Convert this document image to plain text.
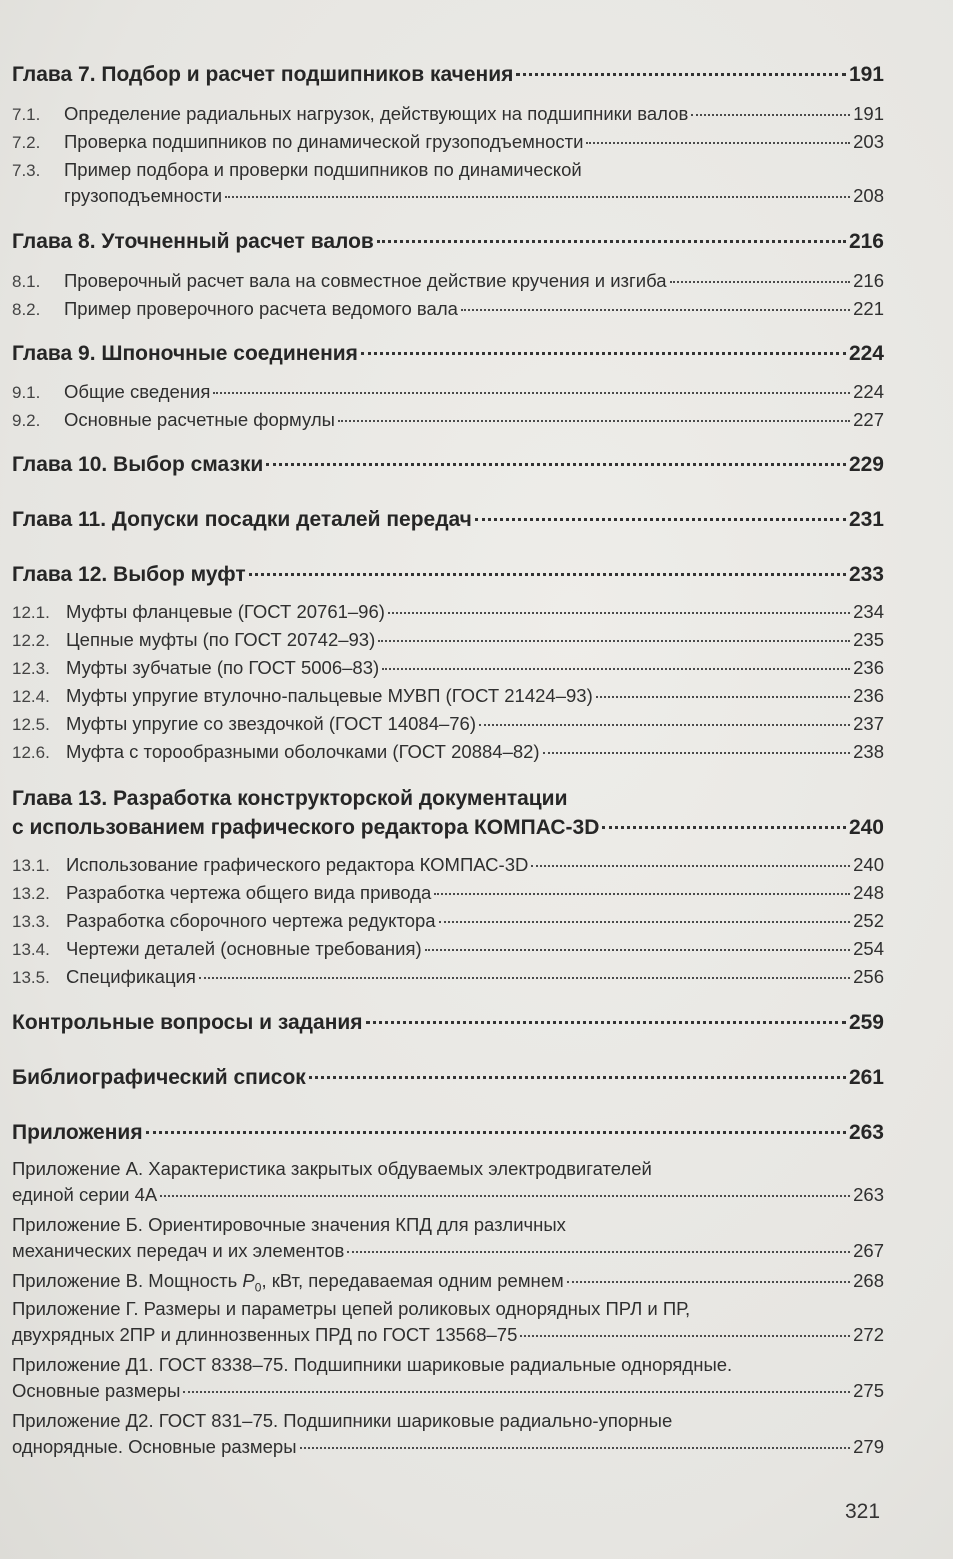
Глава 7. Подбор и расчет подшипников качения	191
7.1.	Определение радиальных нагрузок, действующих на подшипники валов	191
7.2.	Проверка подшипников по динамической грузоподъемности	203
7.3.	Пример подбора и проверки подшипников по динамической
грузоподъемности	208
Глава 8. Уточненный расчет валов	216
8.1.	Проверочный расчет вала на совместное действие кручения и изгиба	216
8.2.	Пример проверочного расчета ведомого вала	221
Глава 9. Шпоночные соединения	224
9.1.	Общие сведения	224
9.2.	Основные расчетные формулы	227
Глава 10. Выбор смазки	229
Глава 11. Допуски посадки деталей передач	231
Глава 12. Выбор муфт	233
12.1. Муфты фланцевые (ГОСТ 20761–96)	234
12.2. Цепные муфты (по ГОСТ 20742–93)	235
12.3. Муфты зубчатые (по ГОСТ 5006–83)	236
12.4. Муфты упругие втулочно-пальцевые МУВП (ГОСТ 21424–93)	236
12.5. Муфты упругие со звездочкой (ГОСТ 14084–76)	237
12.6. Муфта с торообразными оболочками (ГОСТ 20884–82)	238
Глава 13. Разработка конструкторской документации
с использованием графического редактора КОМПАС-3D	240
13.1. Использование графического редактора КОМПАС-3D	240
13.2. Разработка чертежа общего вида привода	248
13.3. Разработка сборочного чертежа редуктора	252
13.4. Чертежи деталей (основные требования)	254
13.5. Спецификация	256
Контрольные вопросы и задания	259
Библиографический список	261
Приложения	263
Приложение А. Характеристика закрытых обдуваемых электродвигателей
единой серии 4А	263
Приложение Б. Ориентировочные значения КПД для различных
механических передач и их элементов	267
Приложение В. Мощность $P_0$, кВт, передаваемая одним ремнем	268
Приложение Г. Размеры и параметры цепей роликовых однорядных ПРЛ и ПР,
двухрядных 2ПР и длиннозвенных ПРД по ГОСТ 13568–75	272
Приложение Д1. ГОСТ 8338–75. Подшипники шариковые радиальные однорядные.
Основные размеры	275
Приложение Д2. ГОСТ 831–75. Подшипники шариковые радиально-упорные
однорядные. Основные размеры	279
321
